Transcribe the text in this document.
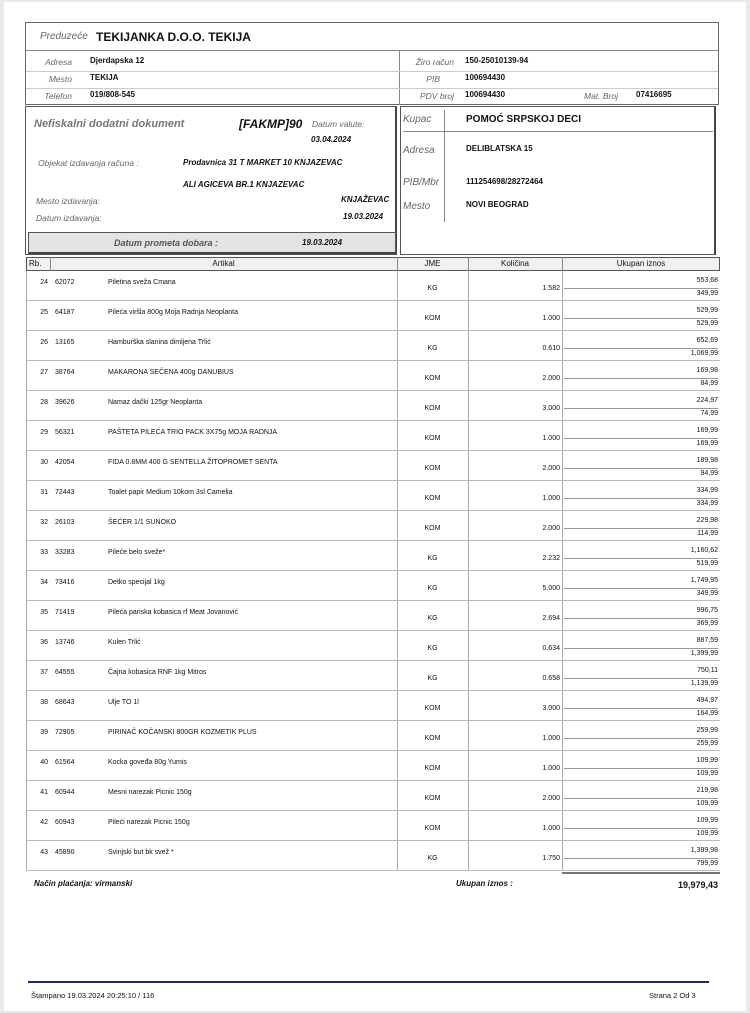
Preduzeće TEKIJANKA D.O.O. TEKIJA
Adresa Djerdapska 12
Mesto TEKIJA
Telefon 019/808-545
Žiro račun 150-25010139-94
PIB	100694430
PDV broj 100694430	Mat. Broj 07416695
Nefiskalni dodatni dokument	[FAKMP]90 Datum valute:
03.04.2024
Objekat izdavanja računa :	Prodavnica 31 T MARKET 10 KNJAZEVAC
ALI AGICEVA BR.1 KNJAZEVAC
Mesto izdavanja:	KNJAŽEVAC
Datum izdavanja:	19.03.2024
Datum prometa dobara :	19.03.2024
Kupac	POMOĆ SRPSKOJ DECI
Adresa	DELIBLATSKA 15
PIB/Mbr	111254698/28272464
Mesto	NOVI BEOGRAD
Rb.	Artikal	JME	Količina	Ukupan iznos
24 62072	Piletina sveža Cmana
KG	1.582
553,68
349,99
25 64187	Pileća viršla 800g Moja Radnja Neoplanta
KOM	1.000
529,99
529,99
26 13165	Hamburška slanina dimljena Trlić
KG	0.610
652,69
1,069,99
27 38764	MAKARONA SEČENA 400g DANUBIUS
KOM	2.000
169,98
84,99
28 39626	Namaz dački 125gr Neoplanta
KOM	3.000
224,97
74,99
29 56321	PAŠTETA PILEĆA TRIO PACK 3X75g MOJA RADNJA
KOM	1.000
169,99
169,99
30 42054	FIDA 0.8MM 400 G SENTELLA ŽITOPROMET SENTA
KOM	2.000
189,98
94,99
31 72443	Toalet papir Medium 10kom 3sl Camelia
KOM	1.000
334,99
334,99
32 26103	ŠEĆER 1/1 SUNOKO
KOM	2.000
229,98
114,99
33 33283	Pileće belo sveže*
KG	2.232
1,160,62
519,99
34 73416	Detko specijal 1kg
KG	5.000
1,749,95
349,99
35 71419	Pileća pariska kobasica rf Meat Jovanović
KG	2.694
996,75
369,99
36 13746	Kulen Trlić
KG	0.634
887,59
1,399,99
37 64555	Čajna kobasica RNF 1kg Mitros
KG	0.658
750,11
1,139,99
38 68643	Ulje TO 1l
KOM	3.000
494,97
164,99
39 72905	PIRINAČ KOČANSKI 800GR KOZMETIK PLUS
KOM	1.000
259,99
259,99
40 61564	Kocka goveđa 80g Yumis
KOM	1.000
109,99
109,99
41 60944	Mesni narezak Picnic 150g
KOM	2.000
219,98
109,99
42 60943	Pileći narezak Picnic 150g
KOM	1.000
109,99
109,99
43 45890	Svinjski but bk svež *
KG	1.750
1,399,98
799,99
Način plaćanja: virmanski	Ukupan iznos :	19,979,43
Štampano 19.03.2024 20:25:10 / 116	Strana 2 Od 3
